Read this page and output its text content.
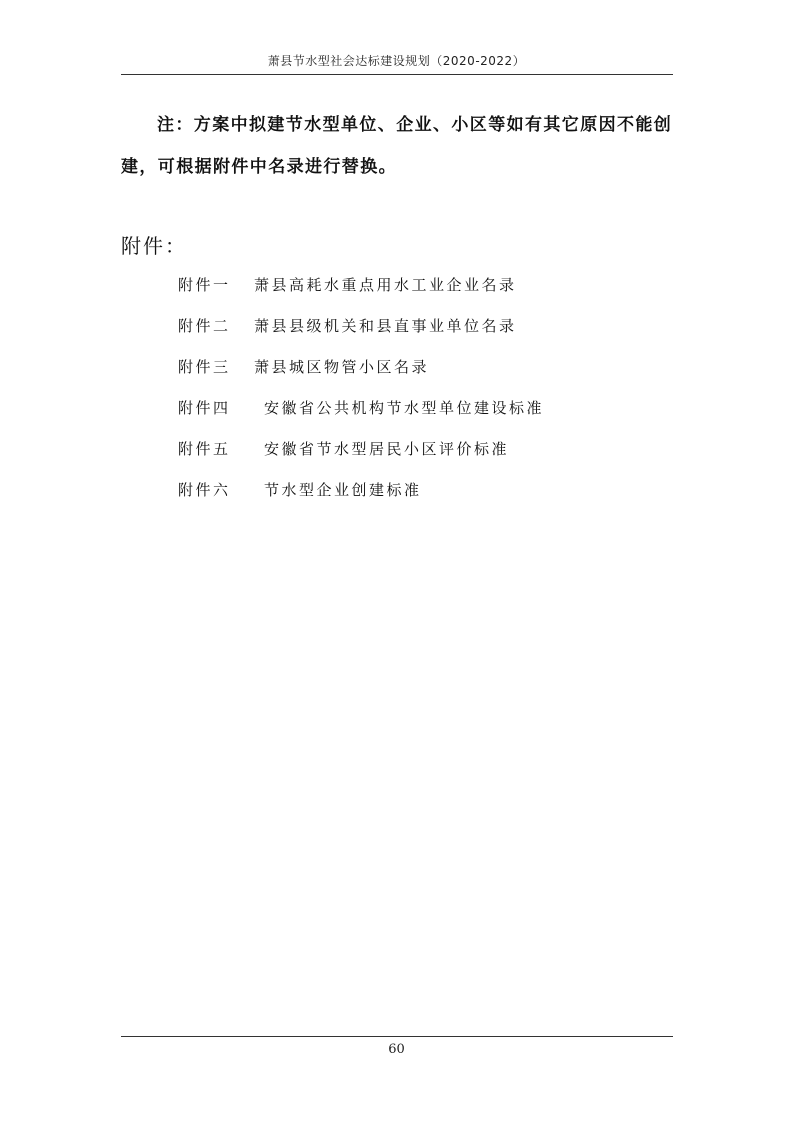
萧县节水型社会达标建设规划（2020-2022）
注：方案中拟建节水型单位、企业、小区等如有其它原因不能创建，可根据附件中名录进行替换。
附件：
附件一 萧县高耗水重点用水工业企业名录
附件二 萧县县级机关和县直事业单位名录
附件三 萧县城区物管小区名录
附件四 安徽省公共机构节水型单位建设标准
附件五 安徽省节水型居民小区评价标准
附件六 节水型企业创建标准
60
